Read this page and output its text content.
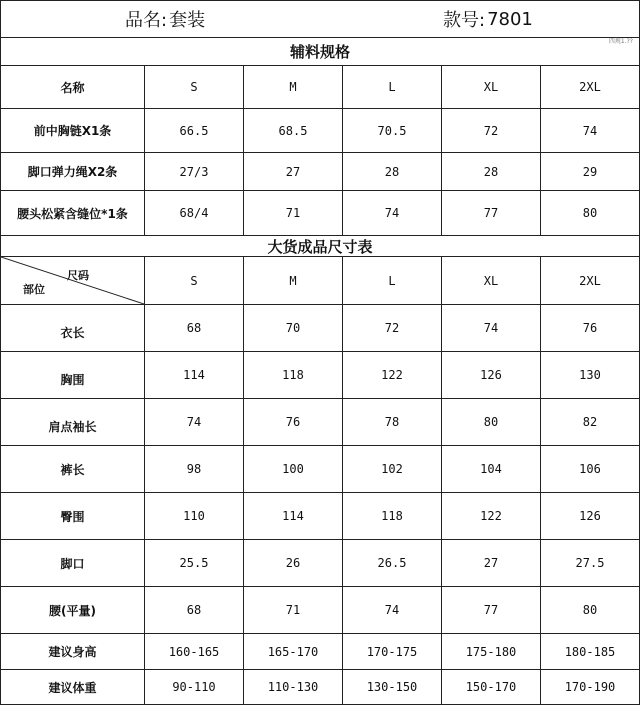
品名: 套装	款号: 7801
辅料规格
四规1.??
名称	S	M	L	XL	2XL
前中胸链X1条	66.5	68.5	70.5	72	74
脚口弹力绳X2条	27/3	27	28	28	29
腰头松紧含缝位*1条	68/4	71	74	77	80
大货成品尺寸表
尺码
部位
S	M	L	XL	2XL
衣长	68	70	72	74	76
胸围	114	118	122	126	130
肩点袖长	74	76	78	80	82
裤长	98	100	102	104	106
臀围	110	114	118	122	126
脚口	25.5	26	26.5	27	27.5
腰(平量)	68	71	74	77	80
建议身高	160-165	165-170	170-175	175-180	180-185
建议体重	90-110	110-130	130-150	150-170	170-190
